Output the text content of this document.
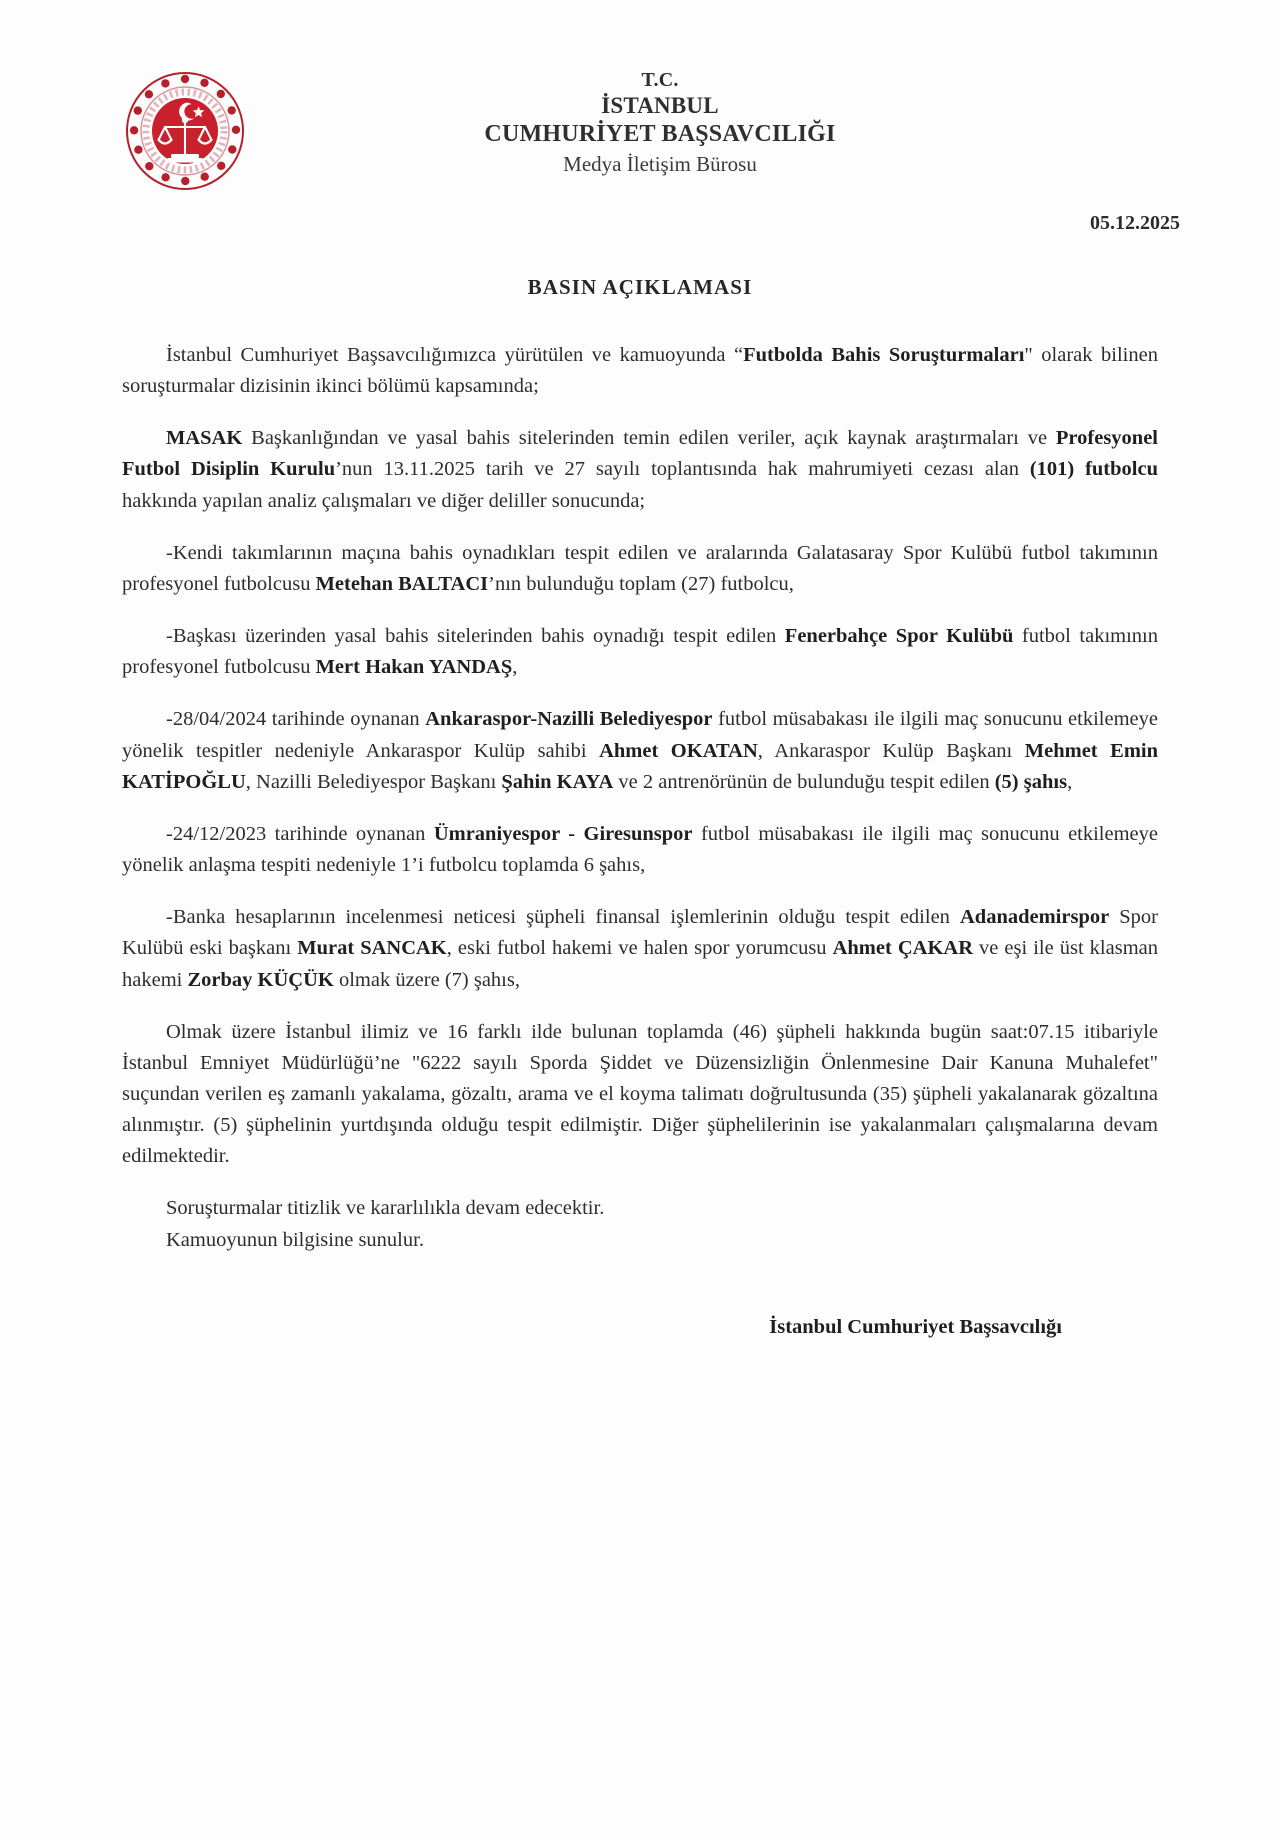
T.C.
İSTANBUL
CUMHURİYET BAŞSAVCILIĞI
Medya İletişim Bürosu
05.12.2025
BASIN AÇIKLAMASI

İstanbul Cumhuriyet Başsavcılığımızca yürütülen ve kamuoyunda “Futbolda Bahis Soruşturmaları" olarak bilinen soruşturmalar dizisinin ikinci bölümü kapsamında;

MASAK Başkanlığından ve yasal bahis sitelerinden temin edilen veriler, açık kaynak araştırmaları ve Profesyonel Futbol Disiplin Kurulu’nun 13.11.2025 tarih ve 27 sayılı toplantısında hak mahrumiyeti cezası alan (101) futbolcu hakkında yapılan analiz çalışmaları ve diğer deliller sonucunda;

-Kendi takımlarının maçına bahis oynadıkları tespit edilen ve aralarında Galatasaray Spor Kulübü futbol takımının profesyonel futbolcusu Metehan BALTACI’nın bulunduğu toplam (27) futbolcu,

-Başkası üzerinden yasal bahis sitelerinden bahis oynadığı tespit edilen Fenerbahçe Spor Kulübü futbol takımının profesyonel futbolcusu Mert Hakan YANDAŞ,

-28/04/2024 tarihinde oynanan Ankaraspor-Nazilli Belediyespor futbol müsabakası ile ilgili maç sonucunu etkilemeye yönelik tespitler nedeniyle Ankaraspor Kulüp sahibi Ahmet OKATAN, Ankaraspor Kulüp Başkanı Mehmet Emin KATİPOĞLU, Nazilli Belediyespor Başkanı Şahin KAYA ve 2 antrenörünün de bulunduğu tespit edilen (5) şahıs,

-24/12/2023 tarihinde oynanan Ümraniyespor - Giresunspor futbol müsabakası ile ilgili maç sonucunu etkilemeye yönelik anlaşma tespiti nedeniyle 1’i futbolcu toplamda 6 şahıs,

-Banka hesaplarının incelenmesi neticesi şüpheli finansal işlemlerinin olduğu tespit edilen Adanademirspor Spor Kulübü eski başkanı Murat SANCAK, eski futbol hakemi ve halen spor yorumcusu Ahmet ÇAKAR ve eşi ile üst klasman hakemi Zorbay KÜÇÜK olmak üzere (7) şahıs,

Olmak üzere İstanbul ilimiz ve 16 farklı ilde bulunan toplamda (46) şüpheli hakkında bugün saat:07.15 itibariyle İstanbul Emniyet Müdürlüğü’ne "6222 sayılı Sporda Şiddet ve Düzensizliğin Önlenmesine Dair Kanuna Muhalefet" suçundan verilen eş zamanlı yakalama, gözaltı, arama ve el koyma talimatı doğrultusunda (35) şüpheli yakalanarak gözaltına alınmıştır. (5) şüphelinin yurtdışında olduğu tespit edilmiştir. Diğer şüphelilerinin ise yakalanmaları çalışmalarına devam edilmektedir.

Soruşturmalar titizlik ve kararlılıkla devam edecektir.

Kamuoyunun bilgisine sunulur.

İstanbul Cumhuriyet Başsavcılığı
